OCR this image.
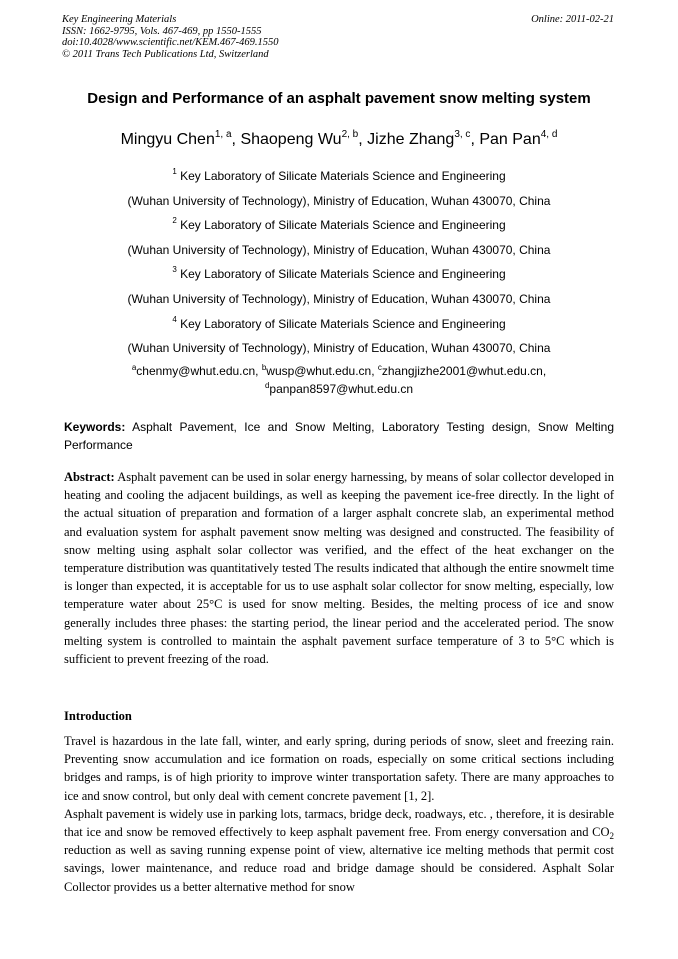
Key Engineering Materials
ISSN: 1662-9795, Vols. 467-469, pp 1550-1555
doi:10.4028/www.scientific.net/KEM.467-469.1550
© 2011 Trans Tech Publications Ltd, Switzerland
Online: 2011-02-21
Design and Performance of an asphalt pavement snow melting system
Mingyu Chen$^{1, a}$, Shaopeng Wu$^{2, b}$, Jizhe Zhang$^{3, c}$, Pan Pan$^{4, d}$
$^1$ Key Laboratory of Silicate Materials Science and Engineering
(Wuhan University of Technology), Ministry of Education, Wuhan 430070, China
$^2$ Key Laboratory of Silicate Materials Science and Engineering
(Wuhan University of Technology), Ministry of Education, Wuhan 430070, China
$^3$ Key Laboratory of Silicate Materials Science and Engineering
(Wuhan University of Technology), Ministry of Education, Wuhan 430070, China
$^4$ Key Laboratory of Silicate Materials Science and Engineering
(Wuhan University of Technology), Ministry of Education, Wuhan 430070, China
$^a$chenmy@whut.edu.cn, $^b$wusp@whut.edu.cn, $^c$zhangjizhe2001@whut.edu.cn,
$^d$panpan8597@whut.edu.cn
Keywords: Asphalt Pavement, Ice and Snow Melting, Laboratory Testing design, Snow Melting Performance
Abstract: Asphalt pavement can be used in solar energy harnessing, by means of solar collector developed in heating and cooling the adjacent buildings, as well as keeping the pavement ice-free directly. In the light of the actual situation of preparation and formation of a larger asphalt concrete slab, an experimental method and evaluation system for asphalt pavement snow melting was designed and constructed. The feasibility of snow melting using asphalt solar collector was verified, and the effect of the heat exchanger on the temperature distribution was quantitatively tested The results indicated that although the entire snowmelt time is longer than expected, it is acceptable for us to use asphalt solar collector for snow melting, especially, low temperature water about 25°C is used for snow melting. Besides, the melting process of ice and snow generally includes three phases: the starting period, the linear period and the accelerated period. The snow melting system is controlled to maintain the asphalt pavement surface temperature of 3 to 5°C which is sufficient to prevent freezing of the road.
Introduction

Travel is hazardous in the late fall, winter, and early spring, during periods of snow, sleet and freezing rain. Preventing snow accumulation and ice formation on roads, especially on some critical sections including bridges and ramps, is of high priority to improve winter transportation safety. There are many approaches to ice and snow control, but only deal with cement concrete pavement [1, 2].

Asphalt pavement is widely use in parking lots, tarmacs, bridge deck, roadways, etc. , therefore, it is desirable that ice and snow be removed effectively to keep asphalt pavement free. From energy conversation and $CO_2$ reduction as well as saving running expense point of view, alternative ice melting methods that permit cost savings, lower maintenance, and reduce road and bridge damage should be considered. Asphalt Solar Collector provides us a better alternative method for snow
